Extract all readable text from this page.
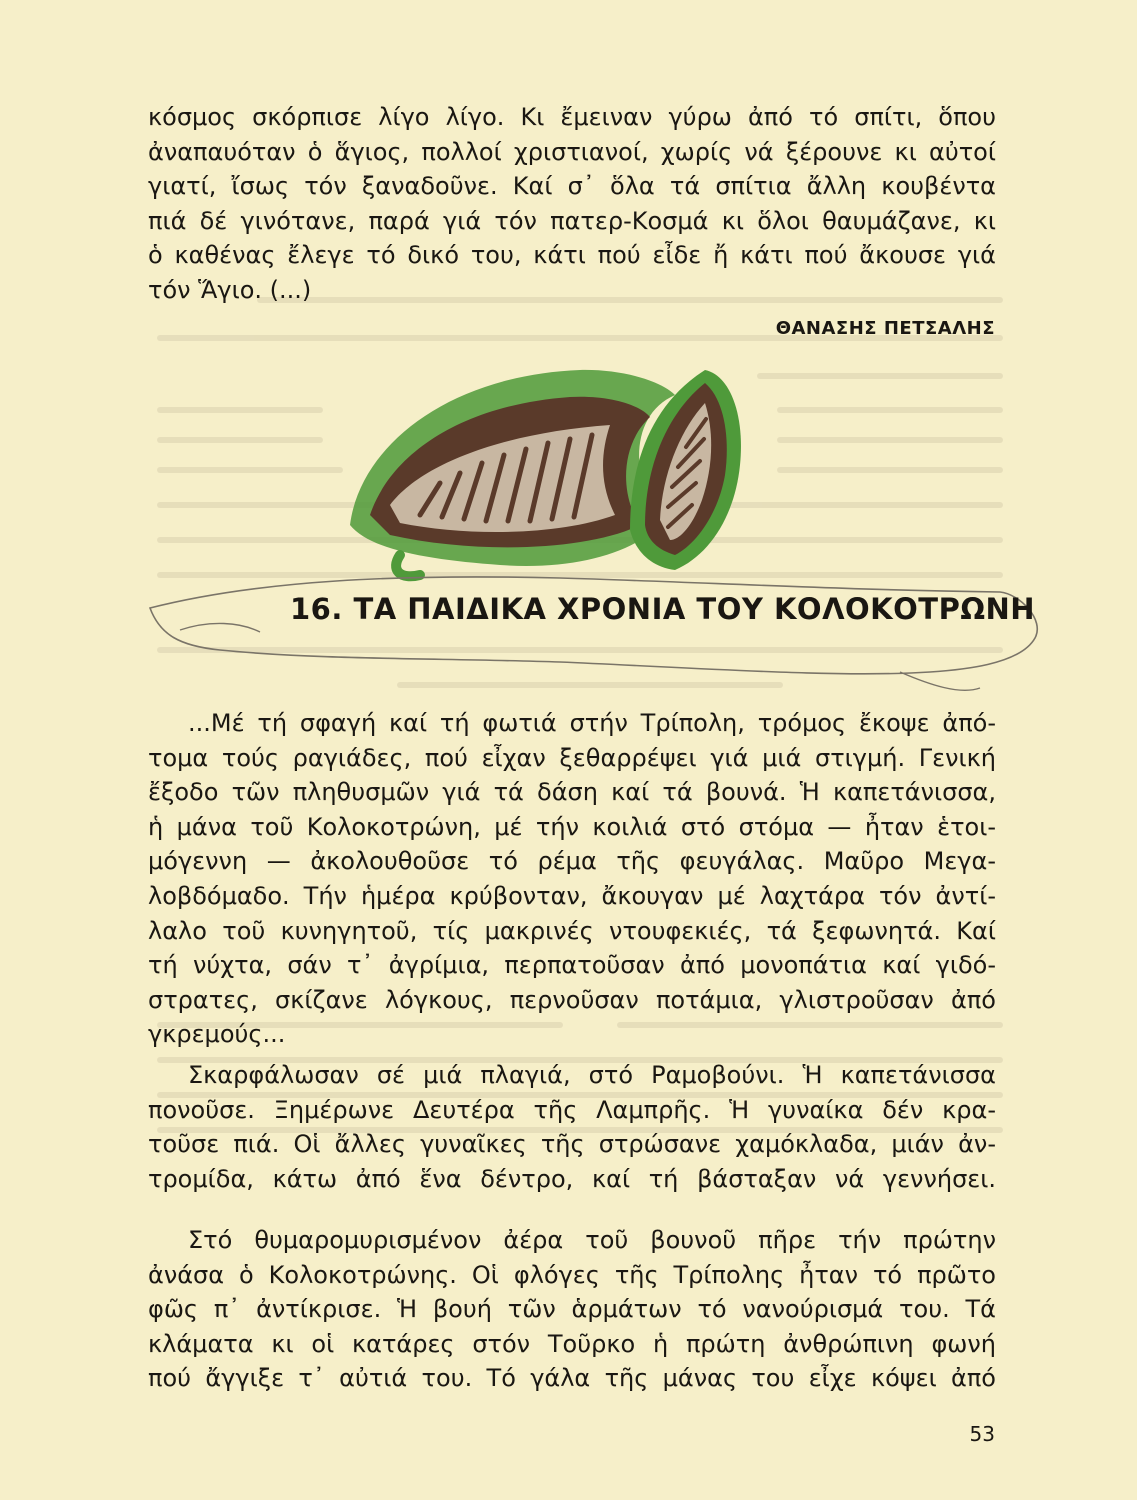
κόσμος σκόρπισε λίγο λίγο. Κι ἔμειναν γύρω ἀπό τό σπίτι, ὅπου
ἀναπαυόταν ὁ ἅγιος, πολλοί χριστιανοί, χωρίς νά ξέρουνε κι αὐτοί
γιατί, ἴσως τόν ξαναδοῦνε. Καί σ᾽ ὅλα τά σπίτια ἄλλη κουβέντα
πιά δέ γινότανε, παρά γιά τόν πατερ-Κοσμά κι ὅλοι θαυμάζανε, κι
ὁ καθένας ἔλεγε τό δικό του, κάτι πού εἶδε ἤ κάτι πού ἄκουσε γιά
τόν Ἅγιο. (...)

ΘΑΝΑΣΗΣ ΠΕΤΣΑΛΗΣ
16. ΤΑ ΠΑΙΔΙΚΑ ΧΡΟΝΙΑ ΤΟΥ ΚΟΛΟΚΟΤΡΩΝΗ

...Μέ τή σφαγή καί τή φωτιά στήν Τρίπολη, τρόμος ἔκοψε ἀπό-
τομα τούς ραγιάδες, πού εἶχαν ξεθαρρέψει γιά μιά στιγμή. Γενική
ἔξοδο τῶν πληθυσμῶν γιά τά δάση καί τά βουνά. Ἡ καπετάνισσα,
ἡ μάνα τοῦ Κολοκοτρώνη, μέ τήν κοιλιά στό στόμα — ἦταν ἑτοι-
μόγεννη — ἀκολουθοῦσε τό ρέμα τῆς φευγάλας. Μαῦρο Μεγα-
λοβδόμαδο. Τήν ἡμέρα κρύβονταν, ἄκουγαν μέ λαχτάρα τόν ἀντί-
λαλο τοῦ κυνηγητοῦ, τίς μακρινές ντουφεκιές, τά ξεφωνητά. Καί
τή νύχτα, σάν τ᾽ ἀγρίμια, περπατοῦσαν ἀπό μονοπάτια καί γιδό-
στρατες, σκίζανε λόγκους, περνοῦσαν ποτάμια, γλιστροῦσαν ἀπό
γκρεμούς...

Σκαρφάλωσαν σέ μιά πλαγιά, στό Ραμοβούνι. Ἡ καπετάνισσα
πονοῦσε. Ξημέρωνε Δευτέρα τῆς Λαμπρῆς. Ἡ γυναίκα δέν κρα-
τοῦσε πιά. Οἱ ἄλλες γυναῖκες τῆς στρώσανε χαμόκλαδα, μιάν ἀν-
τρομίδα, κάτω ἀπό ἕνα δέντρο, καί τή βάσταξαν νά γεννήσει.

Στό θυμαρομυρισμένον ἀέρα τοῦ βουνοῦ πῆρε τήν πρώτην
ἀνάσα ὁ Κολοκοτρώνης. Οἱ φλόγες τῆς Τρίπολης ἦταν τό πρῶτο
φῶς π᾽ ἀντίκρισε. Ἡ βουή τῶν ἁρμάτων τό νανούρισμά του. Τά
κλάματα κι οἱ κατάρες στόν Τοῦρκο ἡ πρώτη ἀνθρώπινη φωνή
πού ἄγγιξε τ᾽ αὐτιά του. Τό γάλα τῆς μάνας του εἶχε κόψει ἀπό

53
